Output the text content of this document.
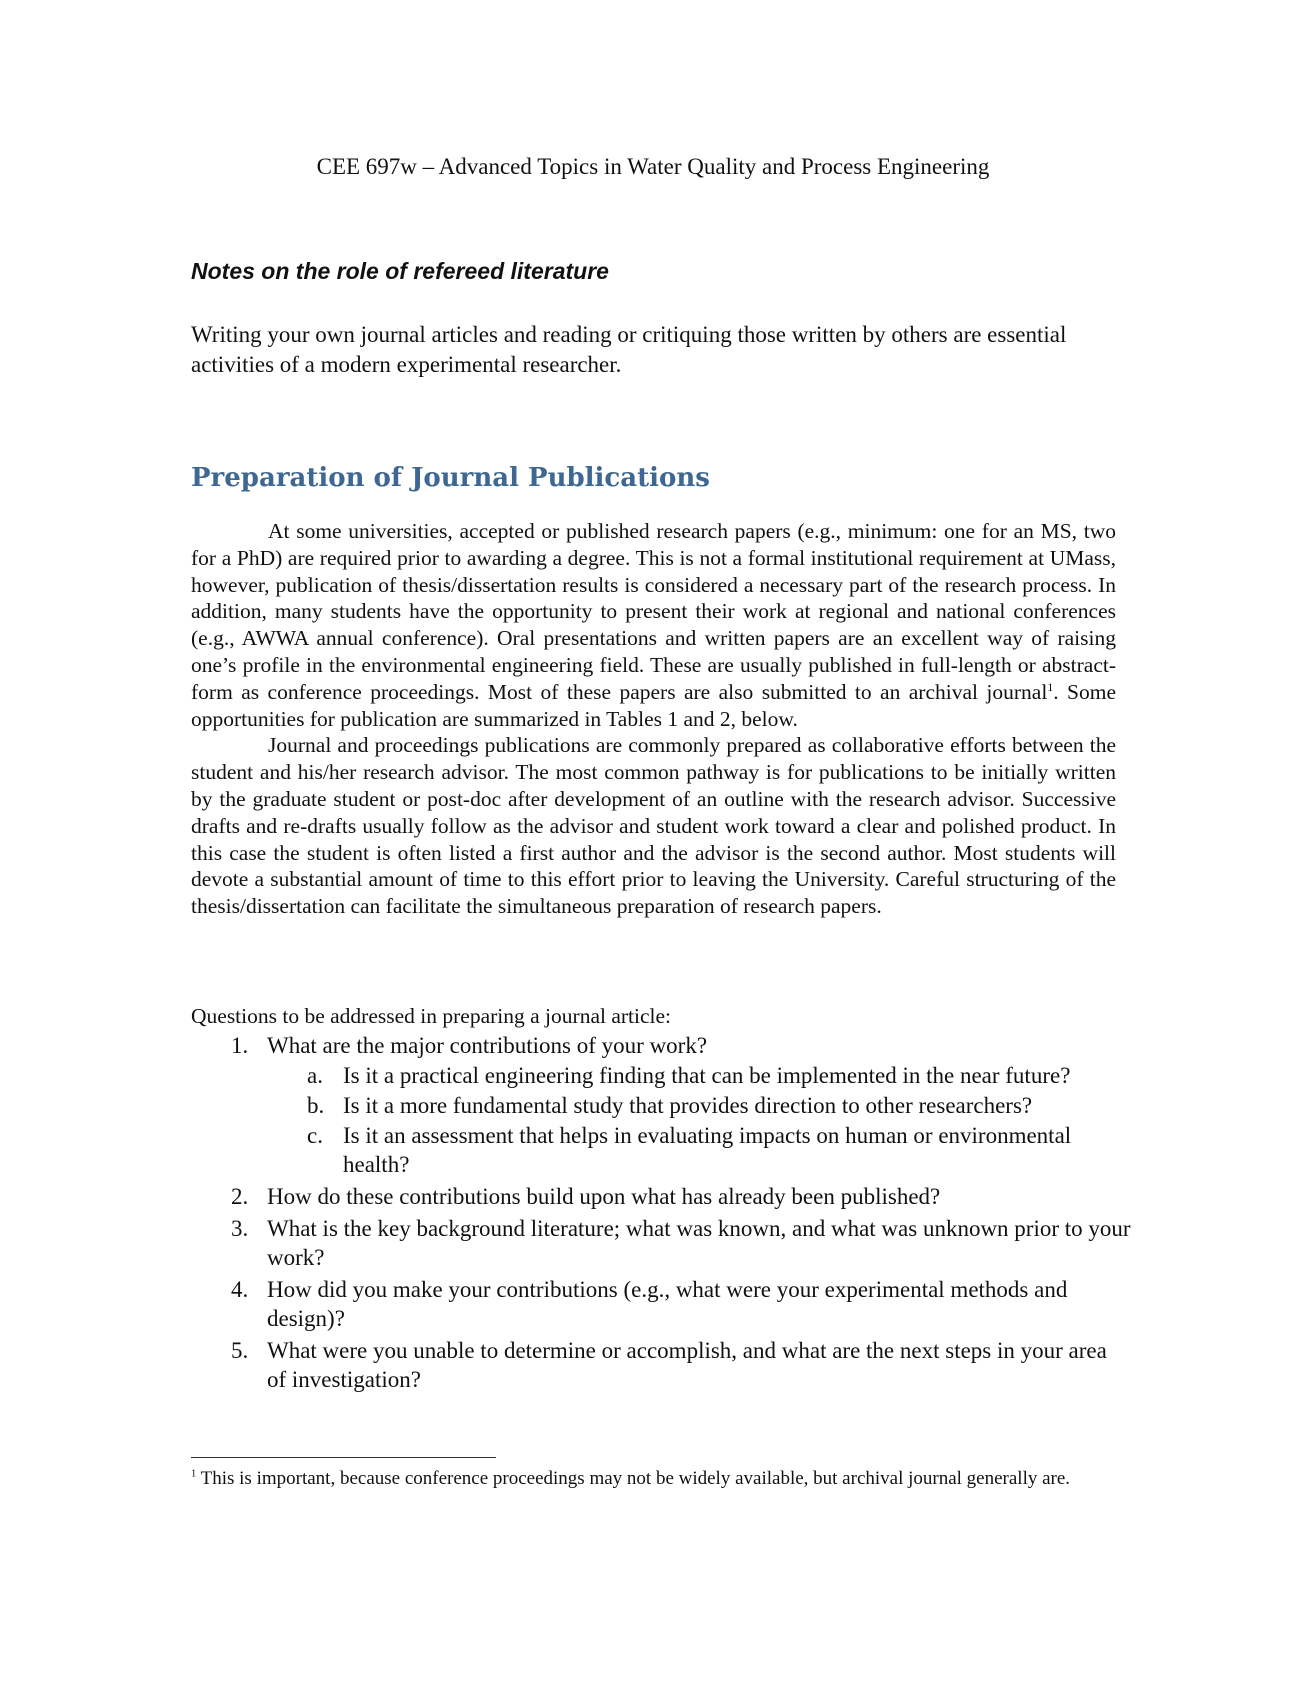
CEE 697w – Advanced Topics in Water Quality and Process Engineering
Notes on the role of refereed literature

Writing your own journal articles and reading or critiquing those written by others are essential activities of a modern experimental researcher.

Preparation of Journal Publications

At some universities, accepted or published research papers (e.g., minimum: one for an MS, two for a PhD) are required prior to awarding a degree. This is not a formal institutional requirement at UMass, however, publication of thesis/dissertation results is considered a necessary part of the research process. In addition, many students have the opportunity to present their work at regional and national conferences (e.g., AWWA annual conference). Oral presentations and written papers are an excellent way of raising one’s profile in the environmental engineering field. These are usually published in full-length or abstract-form as conference proceedings. Most of these papers are also submitted to an archival journal$^1$. Some opportunities for publication are summarized in Tables 1 and 2, below.

Journal and proceedings publications are commonly prepared as collaborative efforts between the student and his/her research advisor. The most common pathway is for publications to be initially written by the graduate student or post-doc after development of an outline with the research advisor. Successive drafts and re-drafts usually follow as the advisor and student work toward a clear and polished product. In this case the student is often listed a first author and the advisor is the second author. Most students will devote a substantial amount of time to this effort prior to leaving the University. Careful structuring of the thesis/dissertation can facilitate the simultaneous preparation of research papers.

Questions to be addressed in preparing a journal article:

1. What are the major contributions of your work?
a. Is it a practical engineering finding that can be implemented in the near future?
b. Is it a more fundamental study that provides direction to other researchers?
c. Is it an assessment that helps in evaluating impacts on human or environmental health?
2. How do these contributions build upon what has already been published?
3. What is the key background literature; what was known, and what was unknown prior to your work?
4. How did you make your contributions (e.g., what were your experimental methods and design)?
5. What were you unable to determine or accomplish, and what are the next steps in your area of investigation?

$^1$ This is important, because conference proceedings may not be widely available, but archival journal generally are.
